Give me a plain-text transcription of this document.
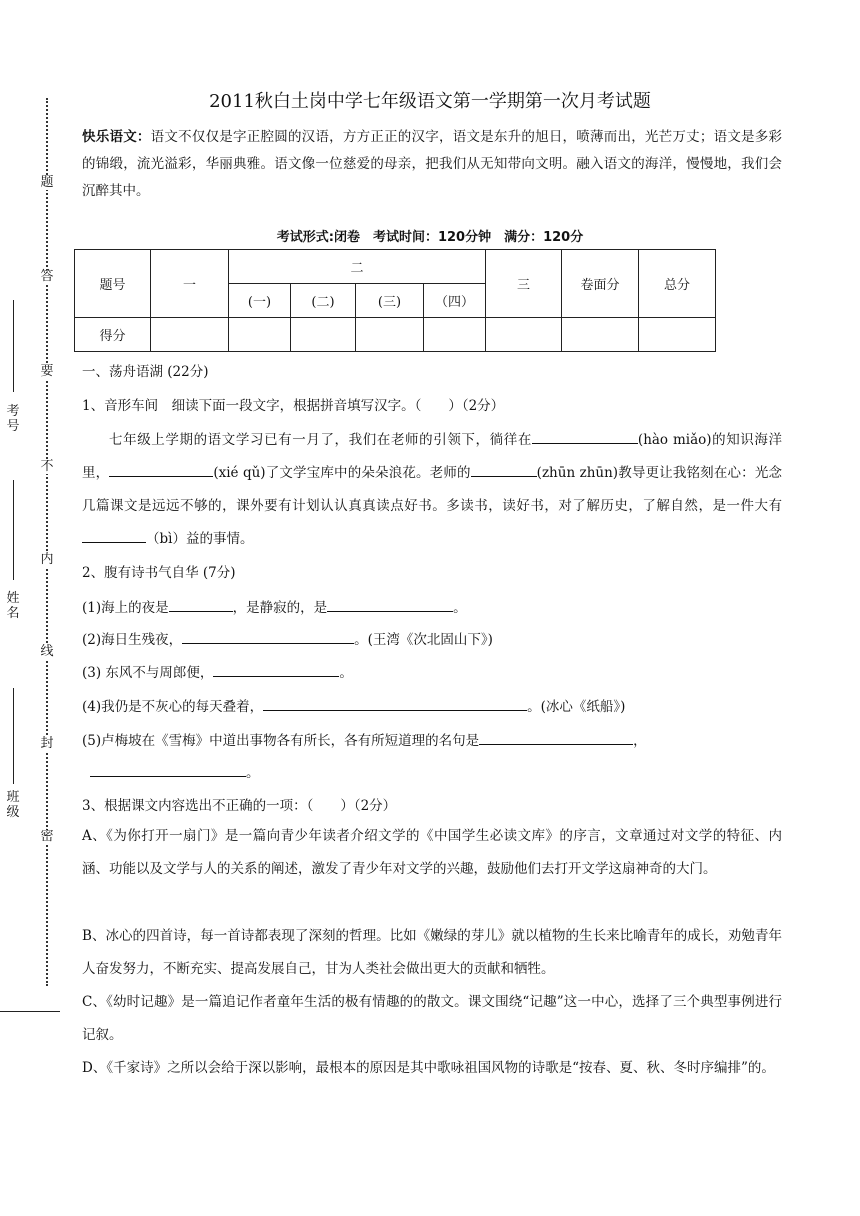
题
答
要
不
内
线
封
密
考号
姓名
班级
2011秋白土岗中学七年级语文第一学期第一次月考试题
快乐语文：语文不仅仅是字正腔圆的汉语，方方正正的汉字，语文是东升的旭日，喷薄而出，光芒万丈；语文是多彩的锦缎，流光溢彩，华丽典雅。语文像一位慈爱的母亲，把我们从无知带向文明。融入语文的海洋，慢慢地，我们会沉醉其中。
考试形式:闭卷　考试时间：120分钟　满分：120分
题号	一	二				三	卷面分	总分
		(一)	(二)	(三)	（四）			
得分								
一、荡舟语湖 (22分)
1、音形车间　细读下面一段文字，根据拼音填写汉字。（　　）（2分）
七年级上学期的语文学习已有一月了，我们在老师的引领下，徜徉在	(hào miǎo)的知识海洋里，	(xié qǔ)了文学宝库中的朵朵浪花。老师的	(zhūn zhūn)教导更让我铭刻在心：光念几篇课文是远远不够的，课外要有计划认认真真读点好书。多读书，读好书，对了解历史，了解自然，是一件大有（bì）益的事情。
2、腹有诗书气自华 (7分)
(1)海上的夜是	，是静寂的，是	。
(2)海日生残夜，	。(王湾《次北固山下》)
(3) 东风不与周郎便，	。
(4)我仍是不灰心的每天叠着，	。(冰心《纸船》)
(5)卢梅坡在《雪梅》中道出事物各有所长，各有所短道理的名句是	，
。
3、根据课文内容选出不正确的一项：（　　）（2分）
A、《为你打开一扇门》是一篇向青少年读者介绍文学的《中国学生必读文库》的序言，文章通过对文学的特征、内涵、功能以及文学与人的关系的阐述，激发了青少年对文学的兴趣，鼓励他们去打开文学这扇神奇的大门。
B、冰心的四首诗，每一首诗都表现了深刻的哲理。比如《嫩绿的芽儿》就以植物的生长来比喻青年的成长，劝勉青年人奋发努力，不断充实、提高发展自己，甘为人类社会做出更大的贡献和牺牲。
C、《幼时记趣》是一篇追记作者童年生活的极有情趣的的散文。课文围绕“记趣”这一中心，选择了三个典型事例进行记叙。
D、《千家诗》之所以会给于深以影响，最根本的原因是其中歌咏祖国风物的诗歌是“按春、夏、秋、冬时序编排”的。
